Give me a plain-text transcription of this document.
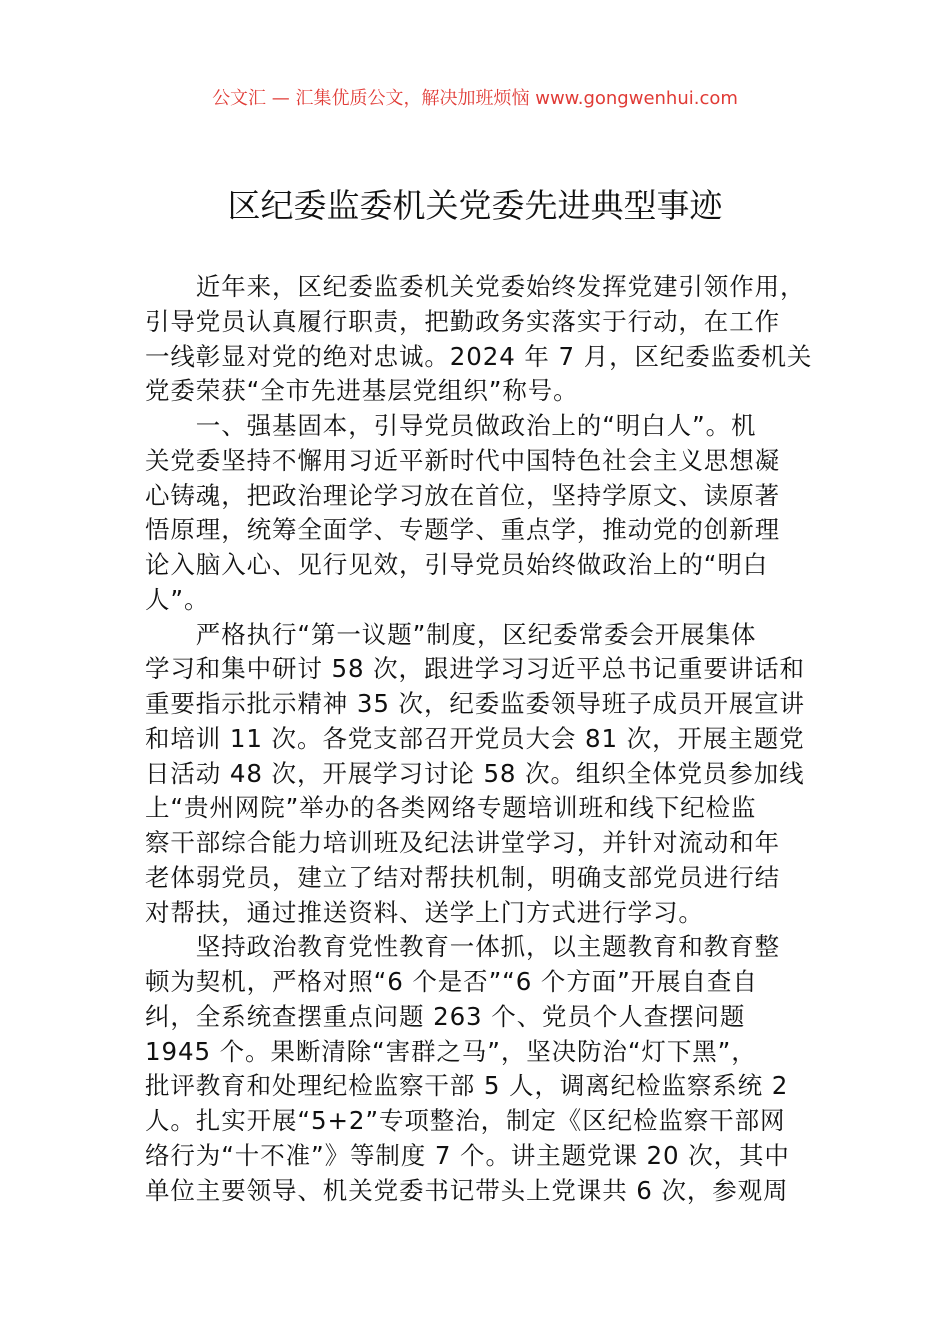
公文汇 — 汇集优质公文，解决加班烦恼 www.gongwenhui.com
区纪委监委机关党委先进典型事迹
　　近年来，区纪委监委机关党委始终发挥党建引领作用，
引导党员认真履行职责，把勤政务实落实于行动，在工作
一线彰显对党的绝对忠诚。2024 年 7 月，区纪委监委机关
党委荣获“全市先进基层党组织”称号。
　　一、强基固本，引导党员做政治上的“明白人”。机
关党委坚持不懈用习近平新时代中国特色社会主义思想凝
心铸魂，把政治理论学习放在首位，坚持学原文、读原著
悟原理，统筹全面学、专题学、重点学，推动党的创新理
论入脑入心、见行见效，引导党员始终做政治上的“明白
人”。
　　严格执行“第一议题”制度，区纪委常委会开展集体
学习和集中研讨 58 次，跟进学习习近平总书记重要讲话和
重要指示批示精神 35 次，纪委监委领导班子成员开展宣讲
和培训 11 次。各党支部召开党员大会 81 次，开展主题党
日活动 48 次，开展学习讨论 58 次。组织全体党员参加线
上“贵州网院”举办的各类网络专题培训班和线下纪检监
察干部综合能力培训班及纪法讲堂学习，并针对流动和年
老体弱党员，建立了结对帮扶机制，明确支部党员进行结
对帮扶，通过推送资料、送学上门方式进行学习。
　　坚持政治教育党性教育一体抓，以主题教育和教育整
顿为契机，严格对照“6 个是否”“6 个方面”开展自查自
纠，全系统查摆重点问题 263 个、党员个人查摆问题
1945 个。果断清除“害群之马”，坚决防治“灯下黑”，
批评教育和处理纪检监察干部 5 人，调离纪检监察系统 2
人。扎实开展“5+2”专项整治，制定《区纪检监察干部网
络行为“十不准”》等制度 7 个。讲主题党课 20 次，其中
单位主要领导、机关党委书记带头上党课共 6 次，参观周
